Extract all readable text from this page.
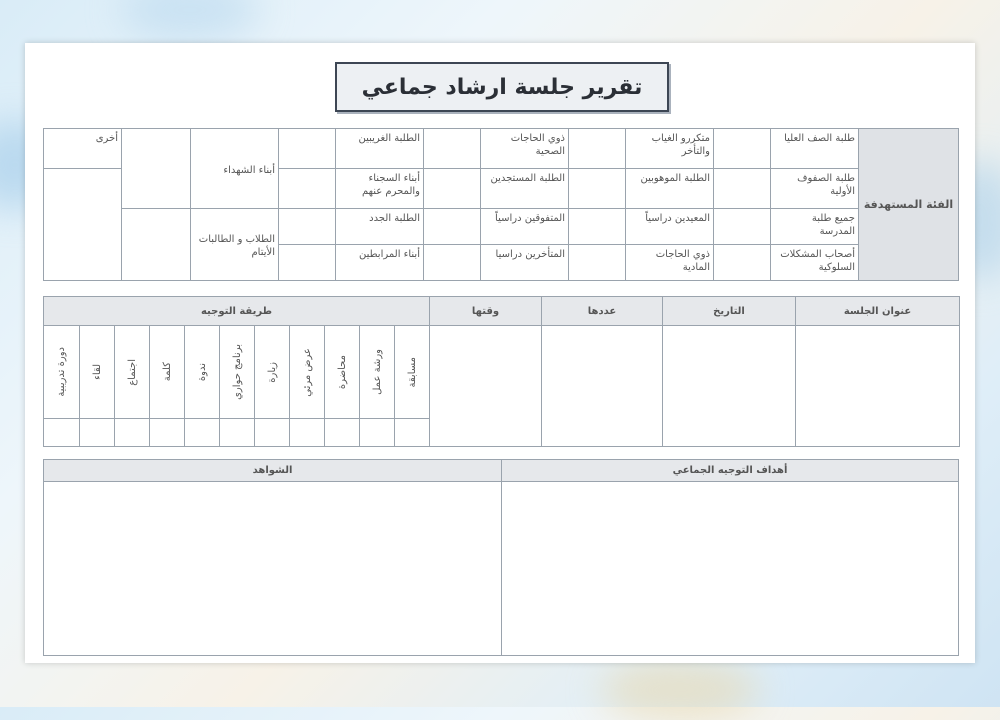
تقرير جلسة ارشاد جماعي
الفئة المستهدفة	طلبة الصف العليا		متكررو الغياب والتأخر		ذوي الحاجات الصحية		الطلبة الغريبين		أبناء الشهداء		أخرى
	طلبة الصفوف الأولية		الطلبة الموهوبين		الطلبة المستجدين		أبناء السجناء والمحرم عنهم				
	جميع طلبة المدرسة		المعيدين دراسياً		المتفوقين دراسياً		الطلبة الجدد		الطلاب و الطالبات الأيتام		
	أصحاب المشكلات السلوكية		ذوي الحاجات المادية		المتأخرين دراسيا		أبناء المرابطين				
عنوان الجلسة	التاريخ	عددها	وقتها	طريقة التوجيه										

				مسابقة	ورشة عمل	محاضرة	عرض مرئي	زيارة	برنامج حواري	ندوة	كلمة	اجتماع	لقاء	دورة تدريبية

أهداف التوجيه الجماعي	الشواهد
